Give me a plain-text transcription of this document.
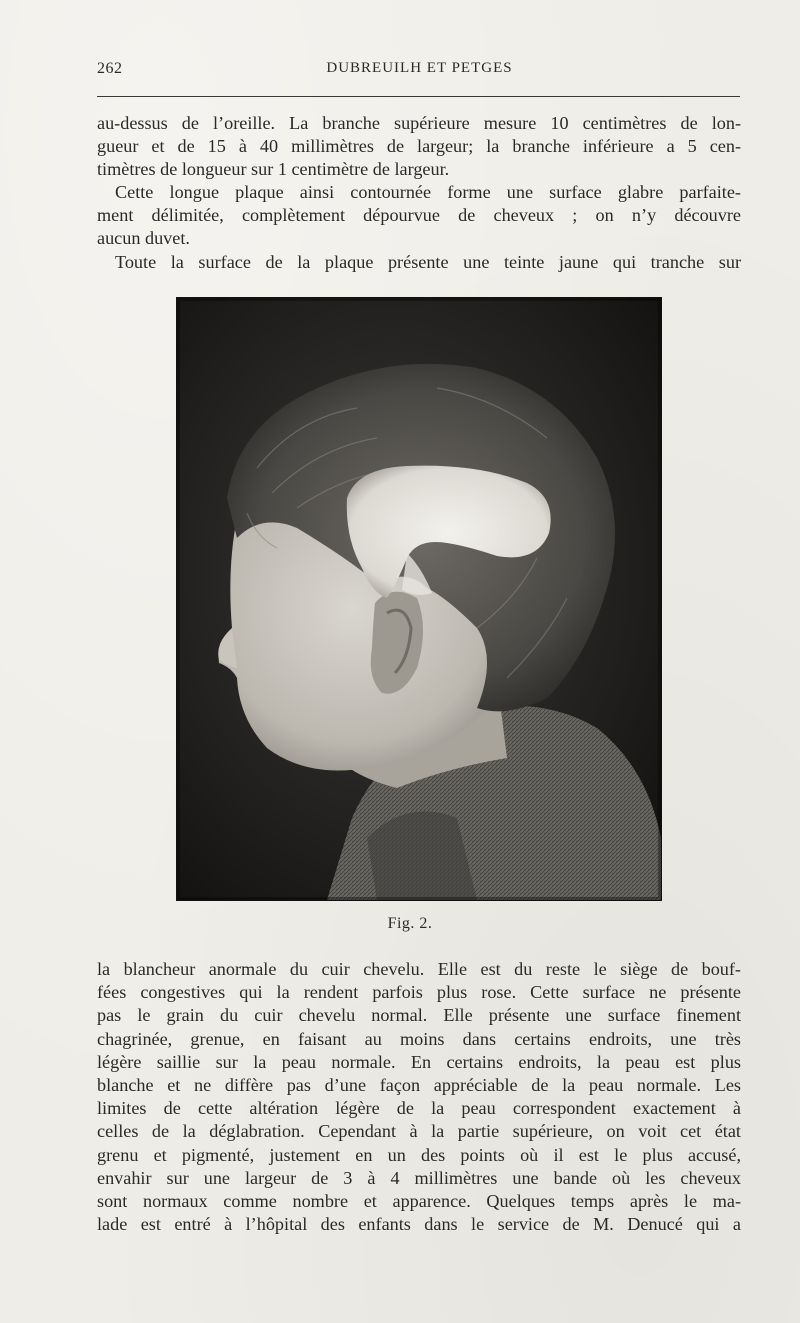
262	DUBREUILH ET PETGES

au-dessus de l’oreille. La branche supérieure mesure 10 centimètres de lon-
gueur et de 15 à 40 millimètres de largeur; la branche inférieure a 5 cen-
timètres de longueur sur 1 centimètre de largeur.

Cette longue plaque ainsi contournée forme une surface glabre parfaite-
ment délimitée, complètement dépourvue de cheveux ; on n’y découvre
aucun duvet.

Toute la surface de la plaque présente une teinte jaune qui tranche sur

Fig. 2.

la blancheur anormale du cuir chevelu. Elle est du reste le siège de bouf-
fées congestives qui la rendent parfois plus rose. Cette surface ne présente
pas le grain du cuir chevelu normal. Elle présente une surface finement
chagrinée, grenue, en faisant au moins dans certains endroits, une très
légère saillie sur la peau normale. En certains endroits, la peau est plus
blanche et ne diffère pas d’une façon appréciable de la peau normale. Les
limites de cette altération légère de la peau correspondent exactement à
celles de la déglabration. Cependant à la partie supérieure, on voit cet état
grenu et pigmenté, justement en un des points où il est le plus accusé,
envahir sur une largeur de 3 à 4 millimètres une bande où les cheveux
sont normaux comme nombre et apparence. Quelques temps après le ma-
lade est entré à l’hôpital des enfants dans le service de M. Denucé qui a
